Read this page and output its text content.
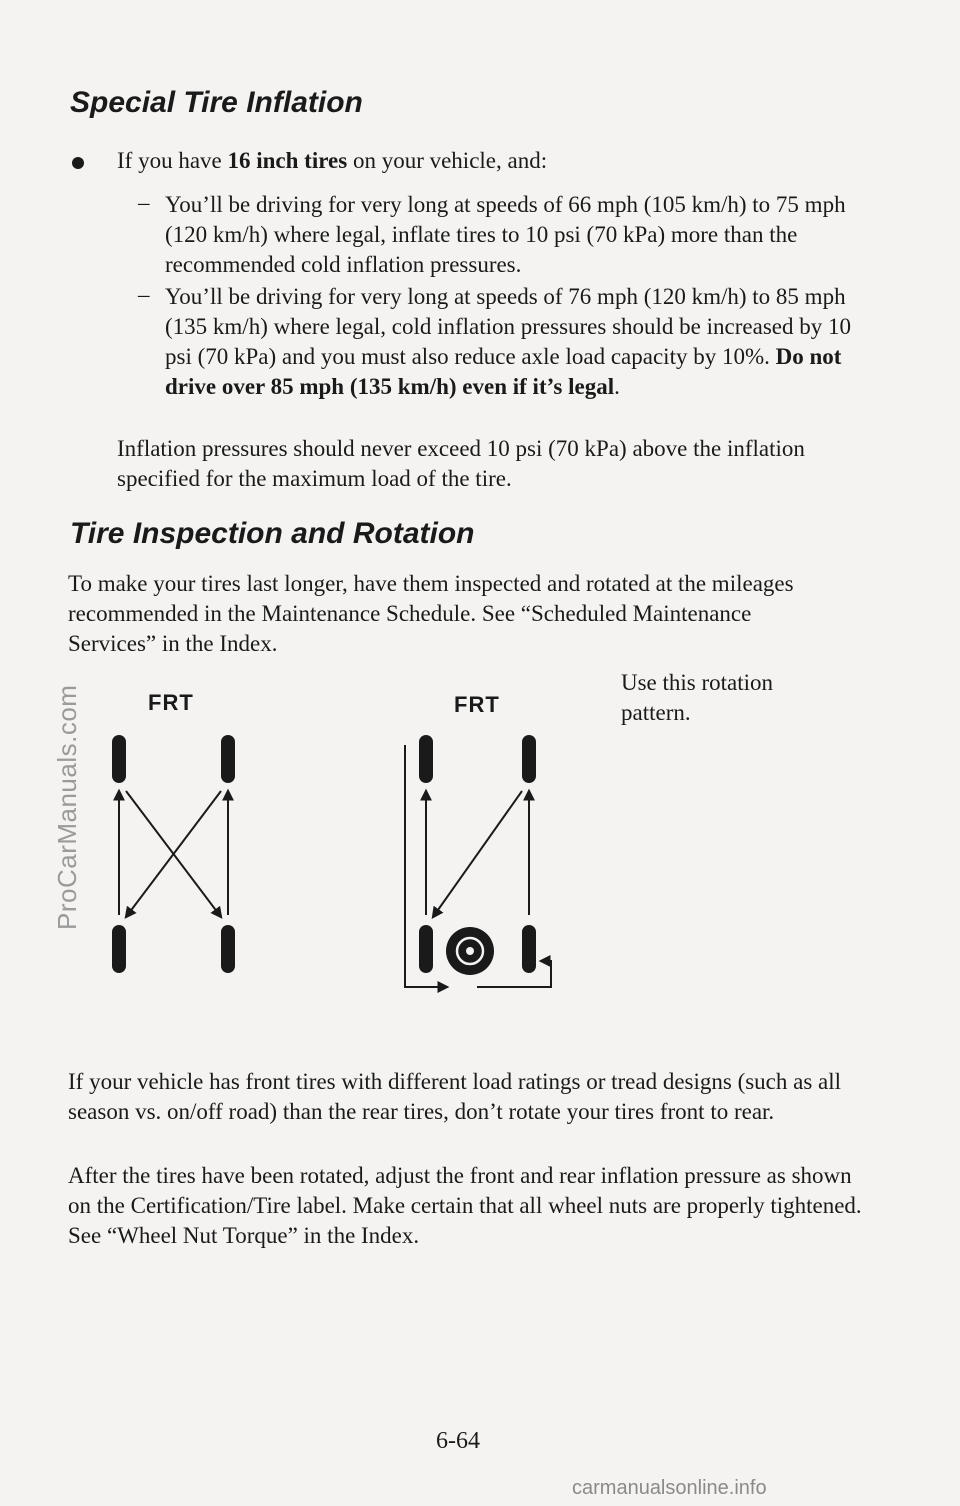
Special Tire Inflation
If you have 16 inch tires on your vehicle, and:
– You’ll be driving for very long at speeds of 66 mph (105 km/h) to 75 mph (120 km/h) where legal, inflate tires to 10 psi (70 kPa) more than the recommended cold inflation pressures.
– You’ll be driving for very long at speeds of 76 mph (120 km/h) to 85 mph (135 km/h) where legal, cold inflation pressures should be increased by 10 psi (70 kPa) and you must also reduce axle load capacity by 10%. Do not drive over 85 mph (135 km/h) even if it’s legal.
Inflation pressures should never exceed 10 psi (70 kPa) above the inflation specified for the maximum load of the tire.
Tire Inspection and Rotation
To make your tires last longer, have them inspected and rotated at the mileages recommended in the Maintenance Schedule. See “Scheduled Maintenance Services” in the Index.
FRT	FRT
Use this rotation pattern.
If your vehicle has front tires with different load ratings or tread designs (such as all season vs. on/off road) than the rear tires, don’t rotate your tires front to rear.
After the tires have been rotated, adjust the front and rear inflation pressure as shown on the Certification/Tire label. Make certain that all wheel nuts are properly tightened. See “Wheel Nut Torque” in the Index.
6-64
ProCarManuals.com
carmanualsonline.info
